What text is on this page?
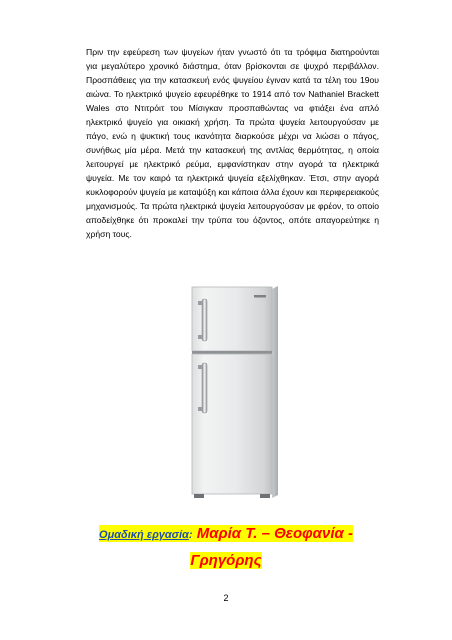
Πριν την εφεύρεση των ψυγείων ήταν γνωστό ότι τα τρόφιμα διατηρούνται για μεγαλύτερο χρονικό διάστημα, όταν βρίσκονται σε ψυχρό περιβάλλον. Προσπάθειες για την κατασκευή ενός ψυγείου έγιναν κατά τα τέλη του 19ου αιώνα. Το ηλεκτρικό ψυγείο εφευρέθηκε το 1914 από τον Nathaniel Brackett Wales στο Ντιτρόιτ του Μίσιγκαν προσπαθώντας να φτιάξει ένα απλό ηλεκτρικό ψυγείο για οικιακή χρήση. Τα πρώτα ψυγεία λειτουργούσαν με πάγο, ενώ η ψυκτική τους ικανότητα διαρκούσε μέχρι να λιώσει ο πάγος, συνήθως μία μέρα. Μετά την κατασκευή της αντλίας θερμότητας, η οποία λειτουργεί με ηλεκτρικό ρεύμα, εμφανίστηκαν στην αγορά τα ηλεκτρικά ψυγεία. Με τον καιρό τα ηλεκτρικά ψυγεία εξελίχθηκαν. Έτσι, στην αγορά κυκλοφορούν ψυγεία με καταψύξη και κάποια άλλα έχουν και περιφερειακούς μηχανισμούς. Τα πρώτα ηλεκτρικά ψυγεία λειτουργούσαν με φρέον, το οποίο αποδείχθηκε ότι προκαλεί την τρύπα του όζοντος, οπότε απαγορεύτηκε η χρήση τους.

Ομαδική εργασία: Μαρία Τ. – Θεοφανία -
Γρηγόρης
2
